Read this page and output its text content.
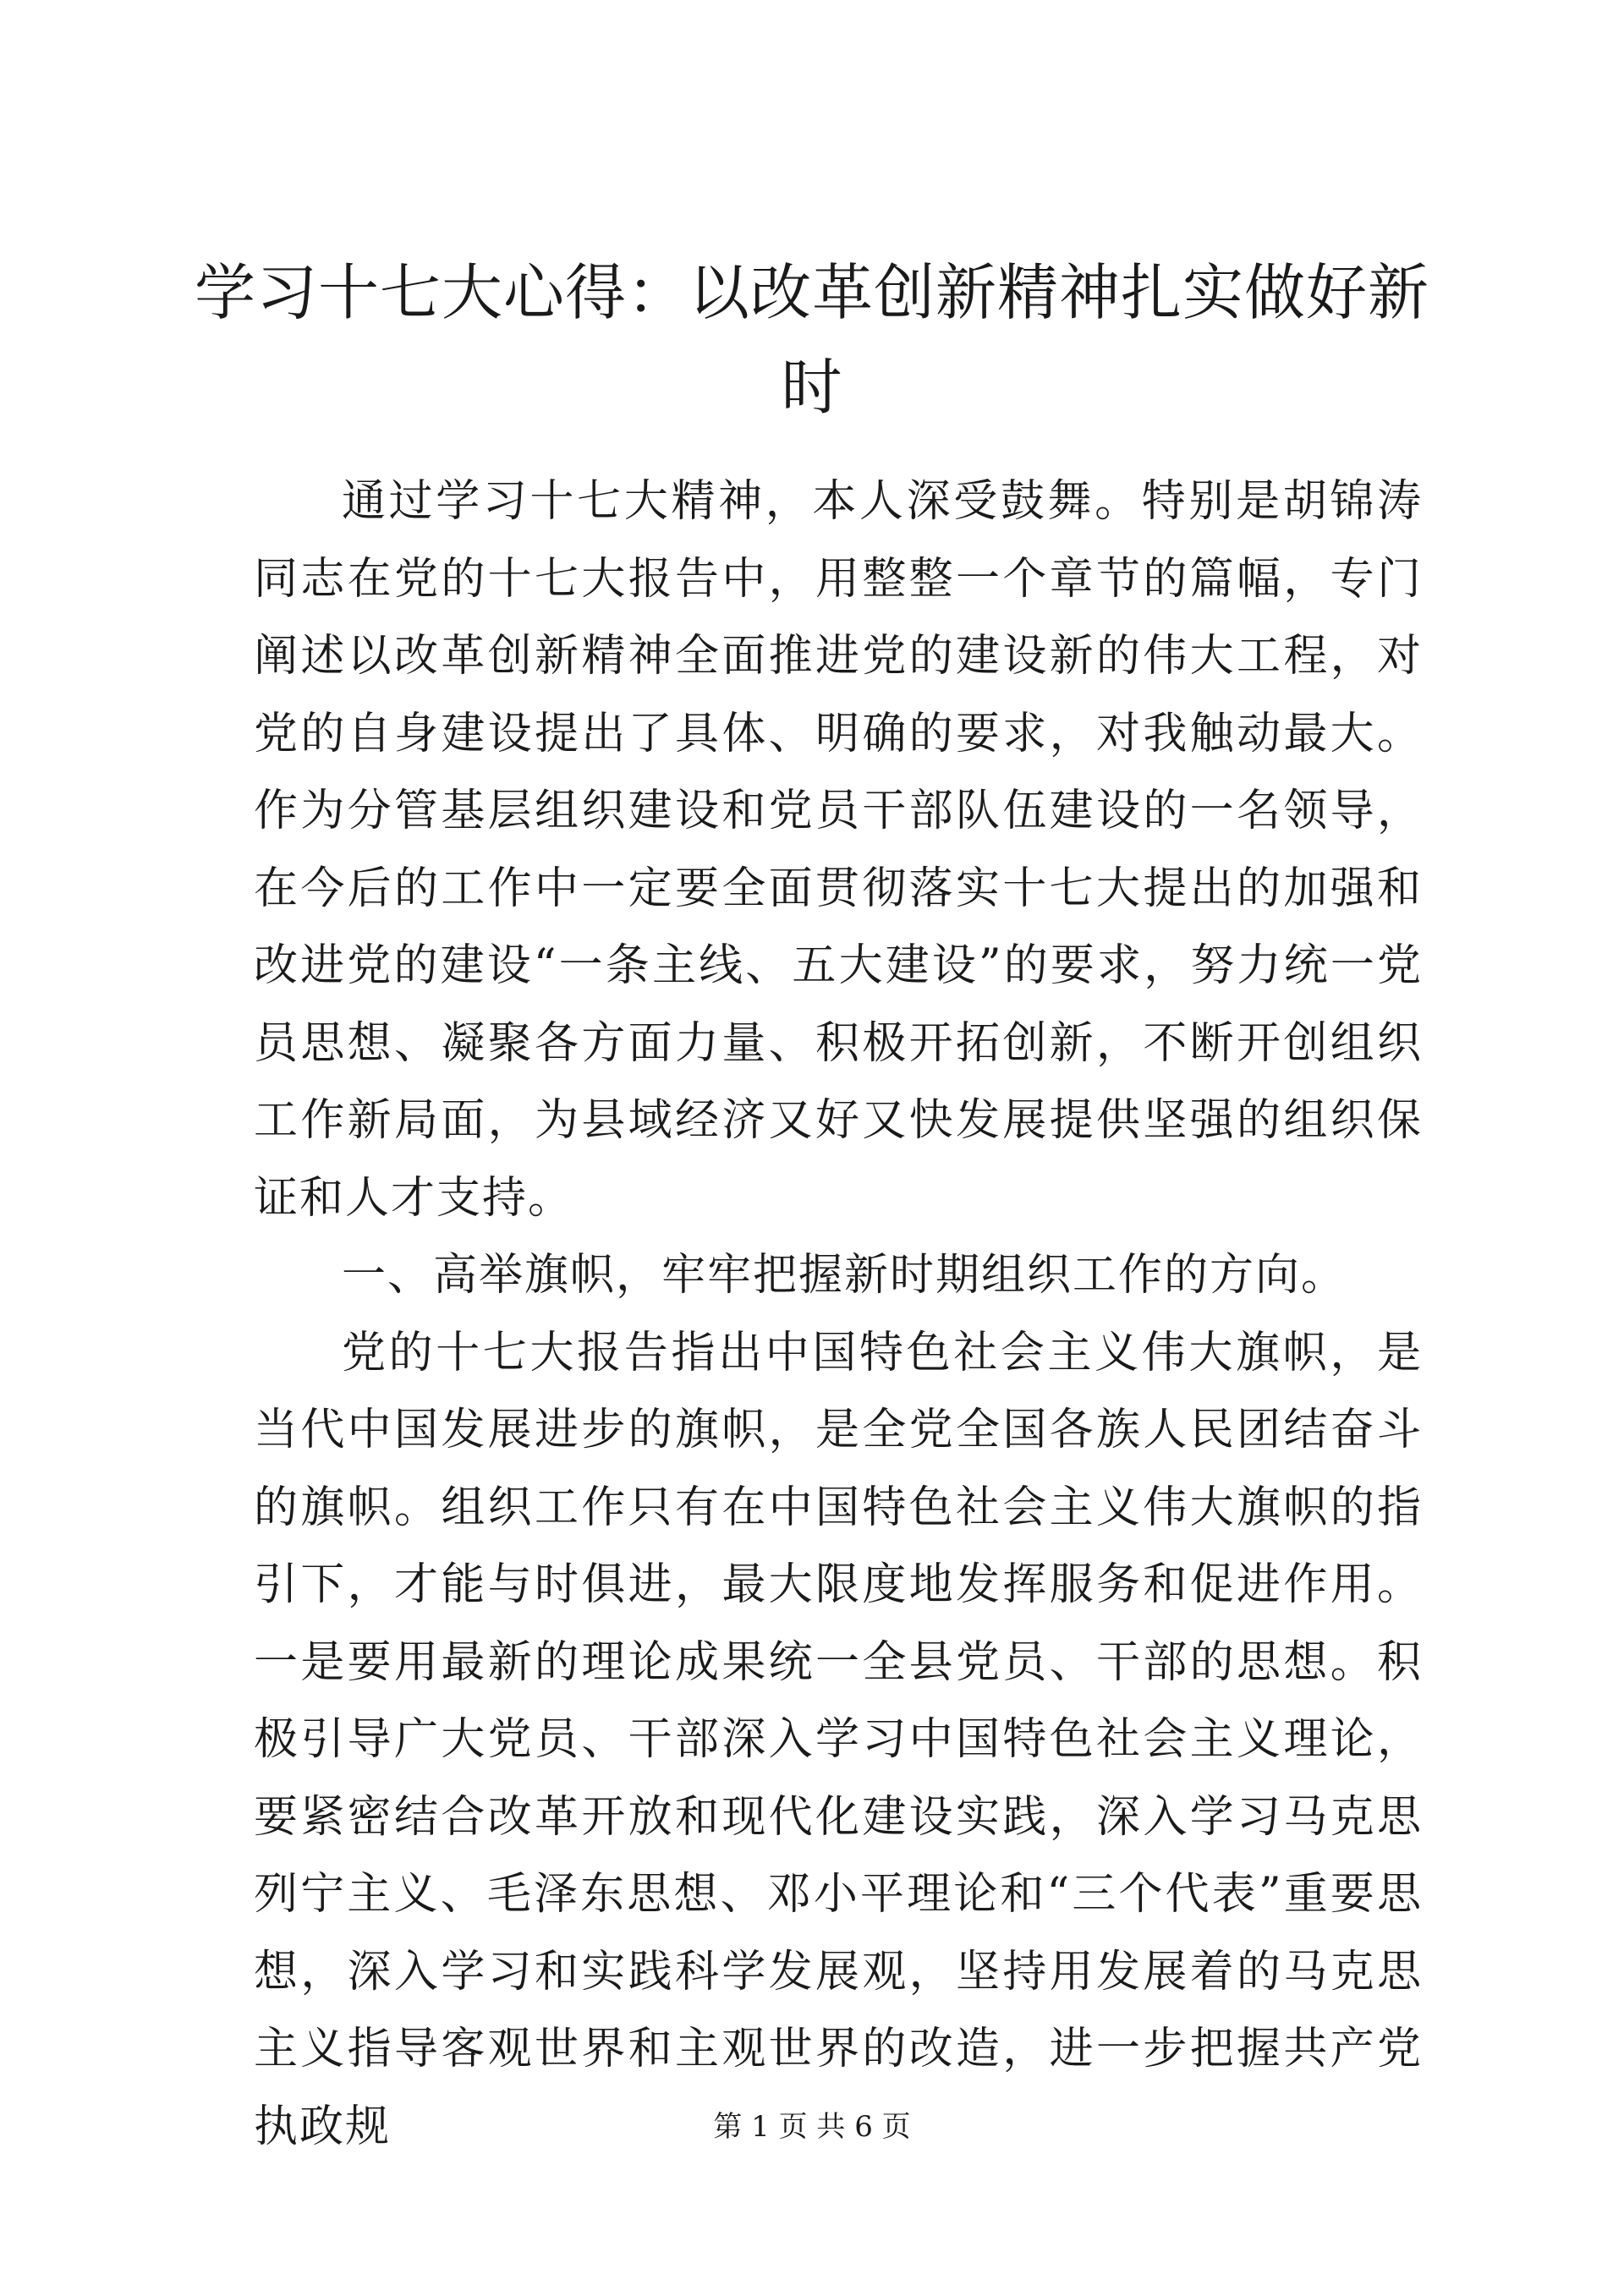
学习十七大心得：以改革创新精神扎实做好新时

通过学习十七大精神，本人深受鼓舞。特别是胡锦涛同志在党的十七大报告中，用整整一个章节的篇幅，专门阐述以改革创新精神全面推进党的建设新的伟大工程，对党的自身建设提出了具体、明确的要求，对我触动最大。作为分管基层组织建设和党员干部队伍建设的一名领导，在今后的工作中一定要全面贯彻落实十七大提出的加强和改进党的建设“一条主线、五大建设”的要求，努力统一党员思想、凝聚各方面力量、积极开拓创新，不断开创组织工作新局面，为县域经济又好又快发展提供坚强的组织保证和人才支持。

一、高举旗帜，牢牢把握新时期组织工作的方向。

党的十七大报告指出中国特色社会主义伟大旗帜，是当代中国发展进步的旗帜，是全党全国各族人民团结奋斗的旗帜。组织工作只有在中国特色社会主义伟大旗帜的指引下，才能与时俱进，最大限度地发挥服务和促进作用。一是要用最新的理论成果统一全县党员、干部的思想。积极引导广大党员、干部深入学习中国特色社会主义理论，要紧密结合改革开放和现代化建设实践，深入学习马克思列宁主义、毛泽东思想、邓小平理论和“三个代表”重要思想，深入学习和实践科学发展观，坚持用发展着的马克思主义指导客观世界和主观世界的改造，进一步把握共产党执政规	第 1 页 共 6 页
